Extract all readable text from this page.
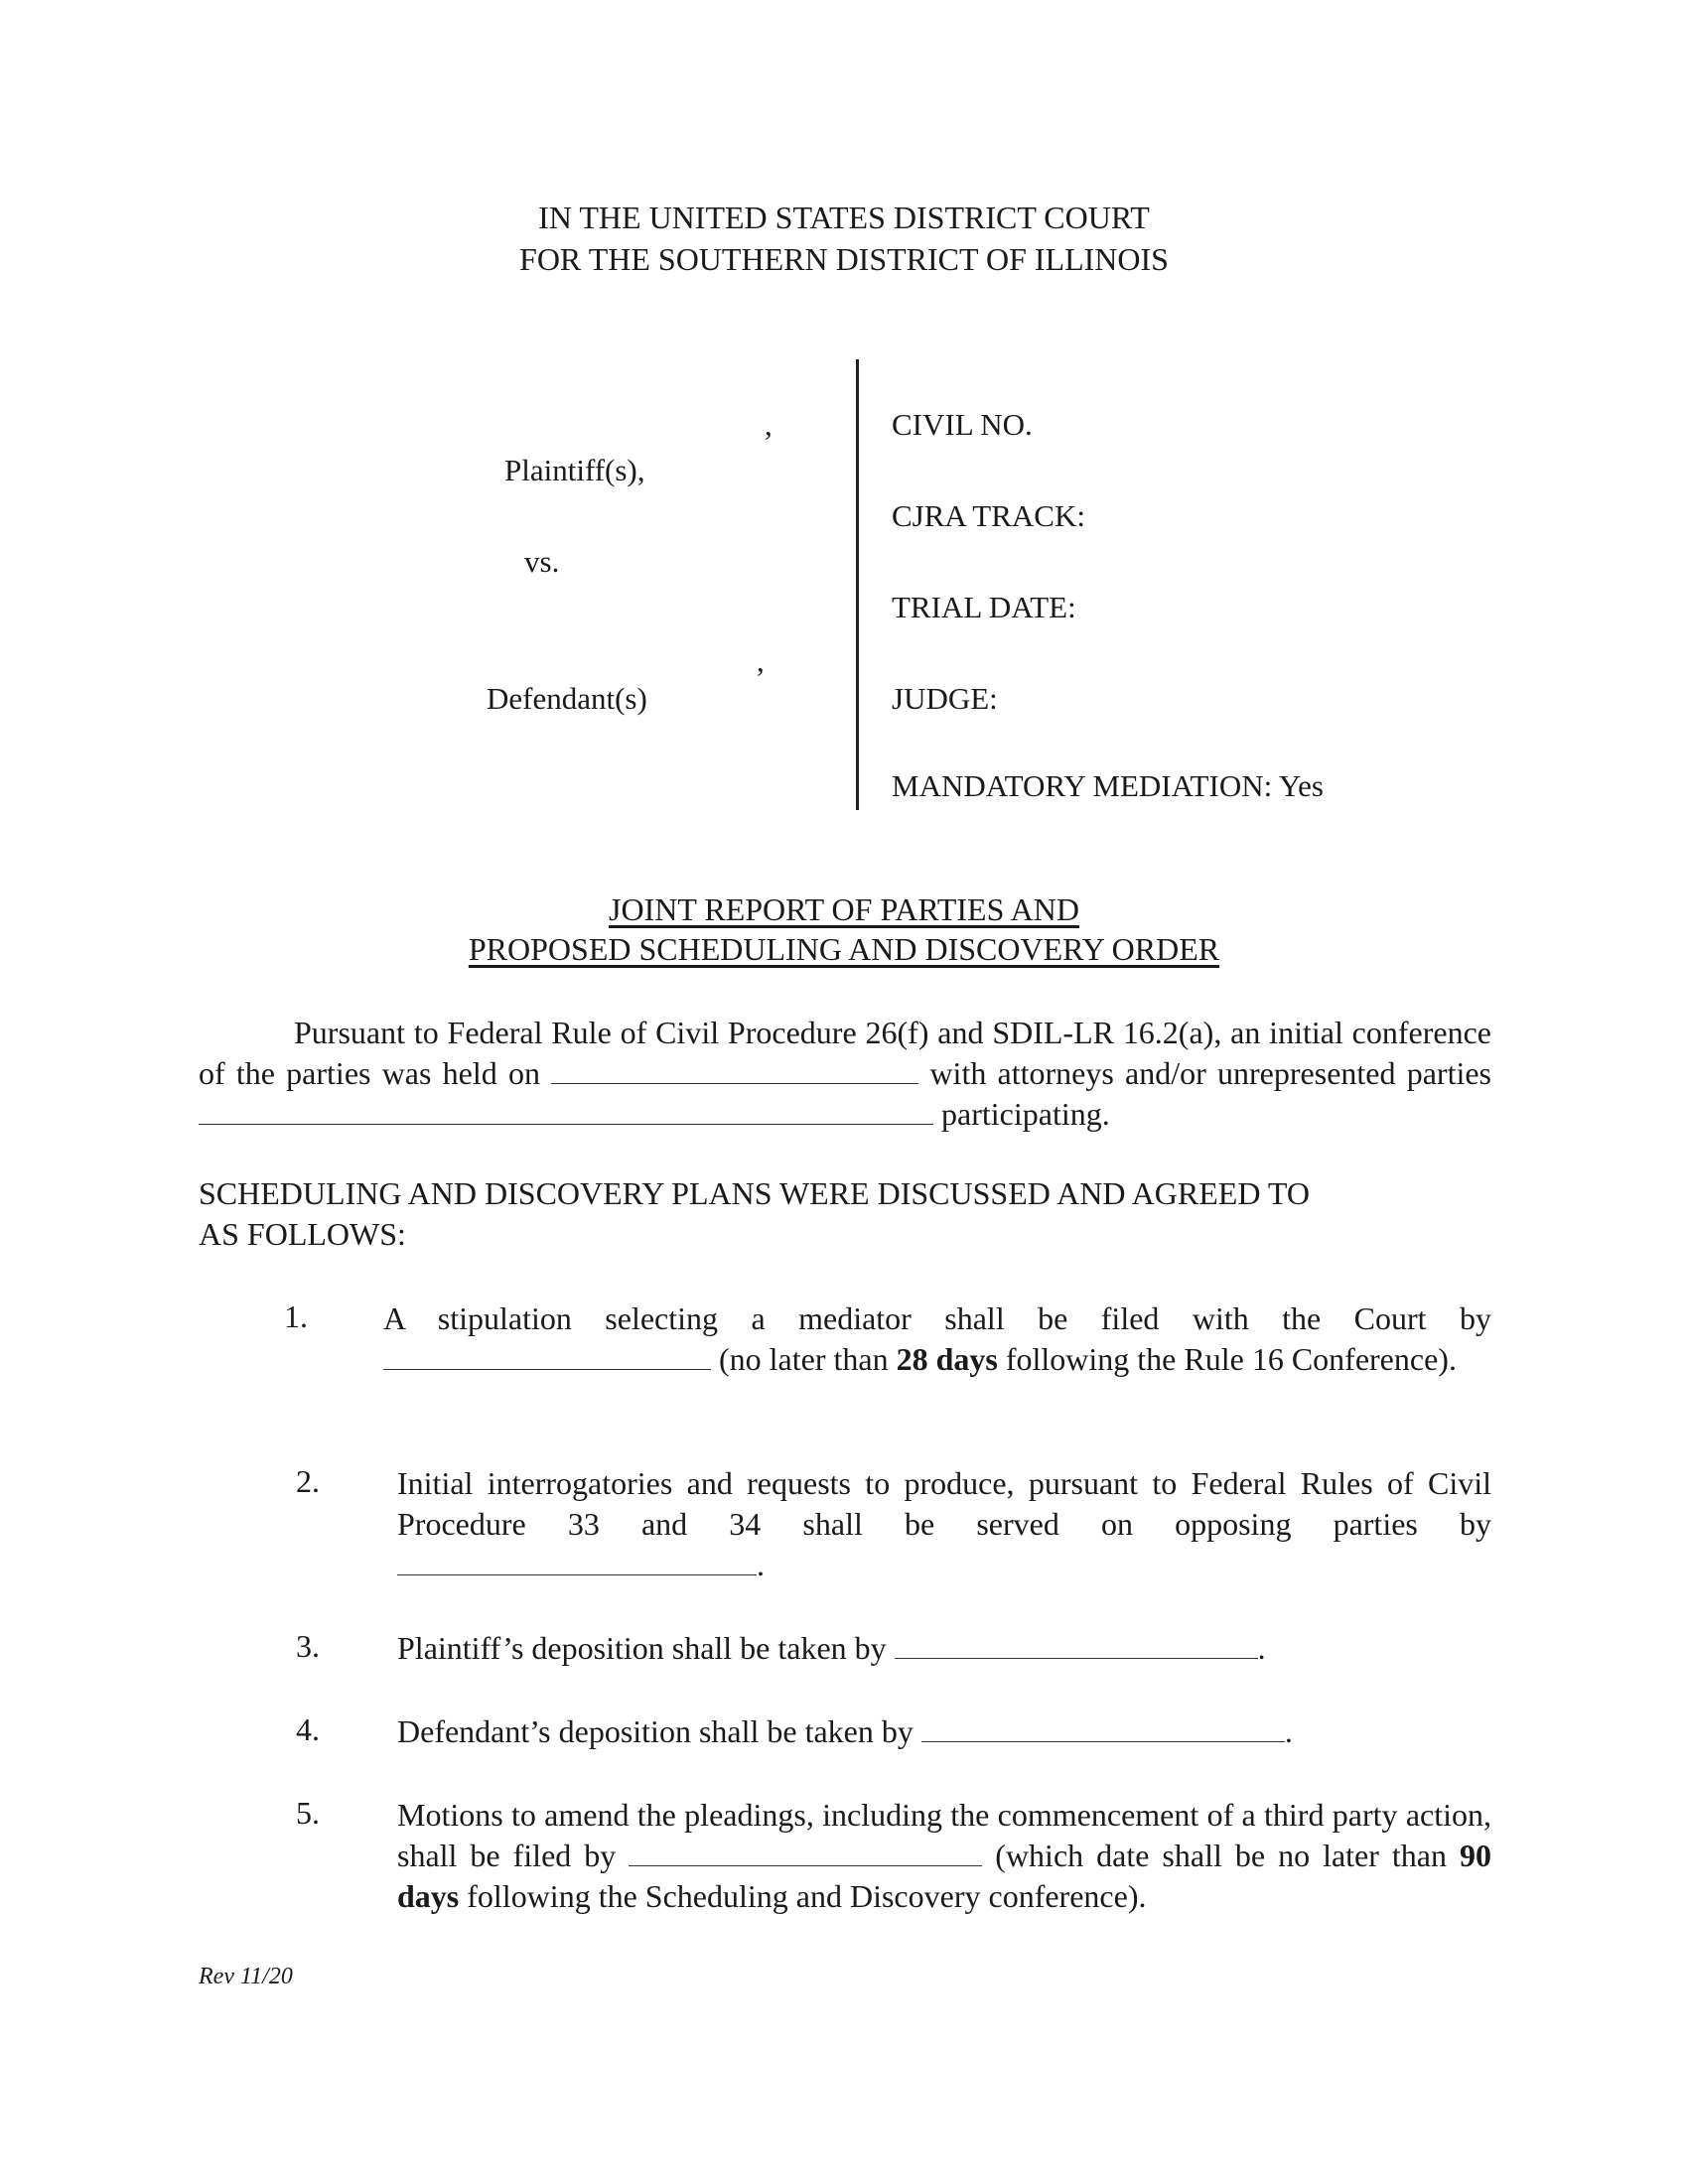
IN THE UNITED STATES DISTRICT COURT
FOR THE SOUTHERN DISTRICT OF ILLINOIS
,
Plaintiff(s),
vs.
,
Defendant(s)
CIVIL NO.
CJRA TRACK:
TRIAL DATE:
JUDGE:
MANDATORY MEDIATION: Yes
JOINT REPORT OF PARTIES AND
PROPOSED SCHEDULING AND DISCOVERY ORDER
Pursuant to Federal Rule of Civil Procedure 26(f) and SDIL-LR 16.2(a), an initial conference of the parties was held on	with attorneys and/or unrepresented parties  participating.
SCHEDULING AND DISCOVERY PLANS WERE DISCUSSED AND AGREED TO
AS FOLLOWS:
1. A stipulation selecting a mediator shall be filed with the Court by  (no later than 28 days following the Rule 16 Conference).
2. Initial interrogatories and requests to produce, pursuant to Federal Rules of Civil Procedure 33 and 34 shall be served on opposing parties by .
3. Plaintiff’s deposition shall be taken by	.
4. Defendant’s deposition shall be taken by	.
5. Motions to amend the pleadings, including the commencement of a third party action, shall be filed by	(which date shall be no later than 90 days following the Scheduling and Discovery conference).
Rev 11/20
